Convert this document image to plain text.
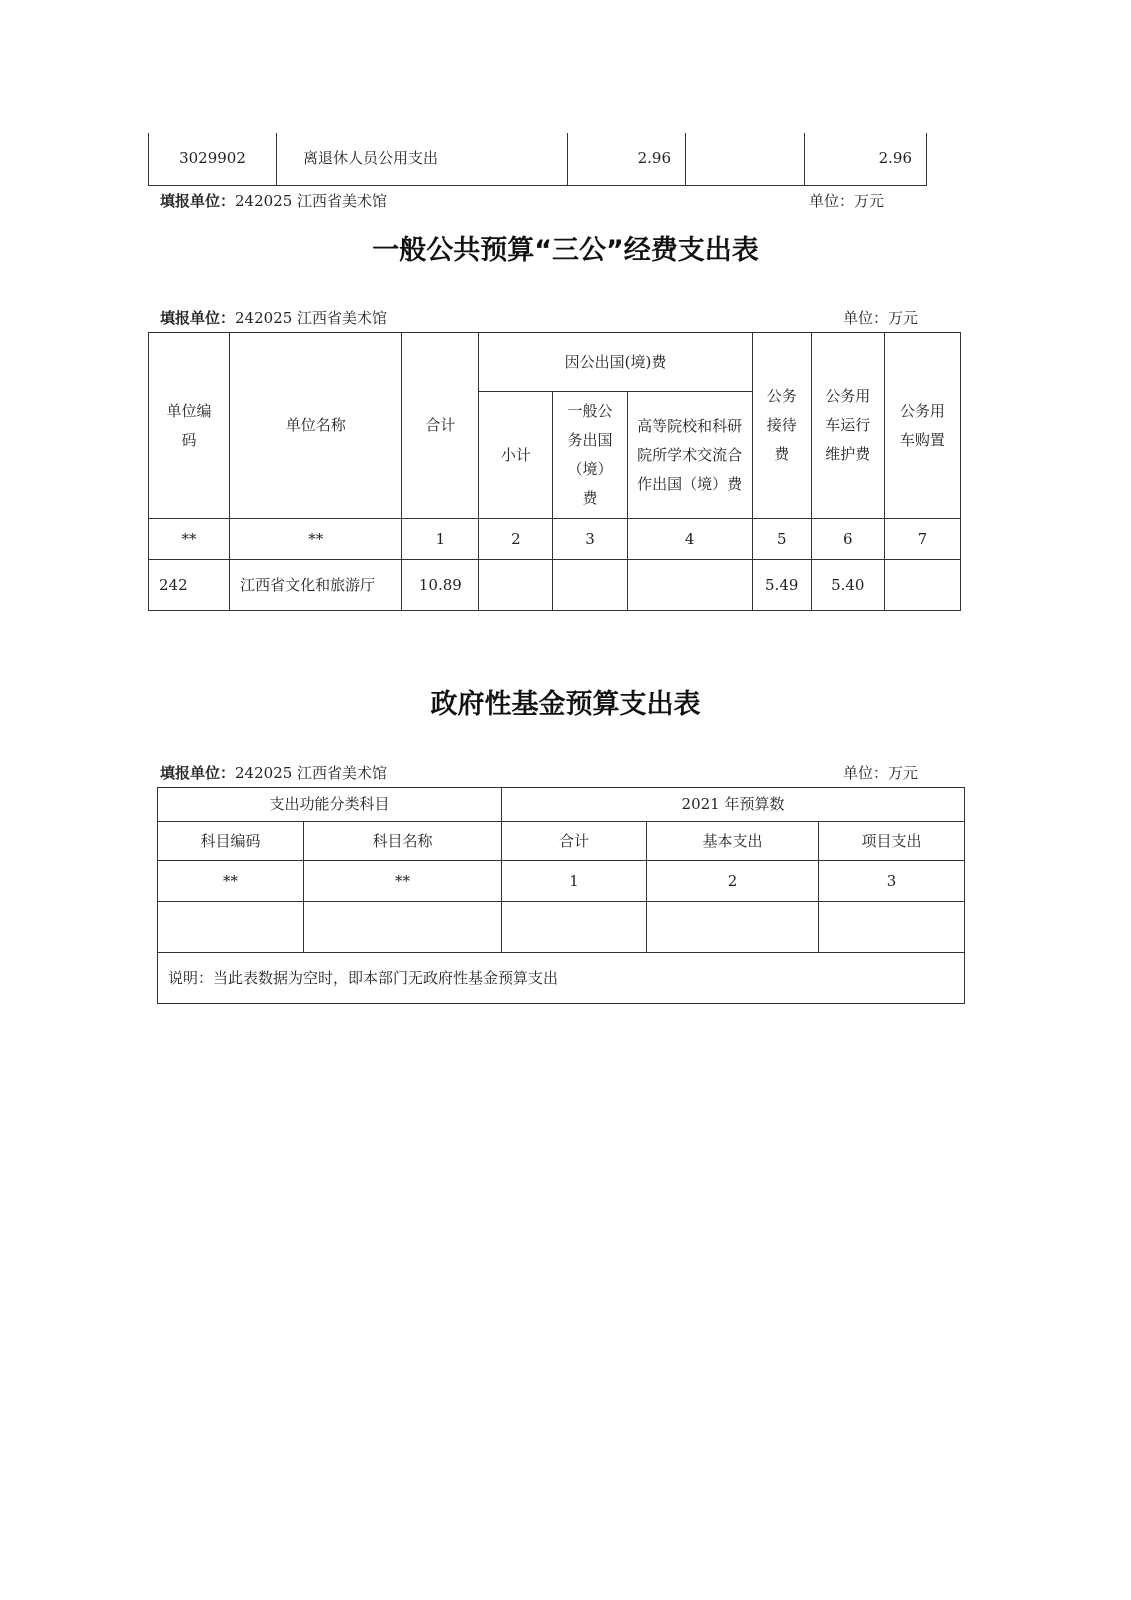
3029902	离退休人员公用支出	2.96		2.96
填报单位：242025 江西省美术馆	单位：万元
一般公共预算“三公”经费支出表
填报单位：242025 江西省美术馆	单位：万元
单位编码	单位名称	合计	因公出国(境)费			公务接待费	公务用车运行维护费	公务用车购置
			小计	一般公务出国（境）费	高等院校和科研院所学术交流合作出国（境）费			
**	**	1	2	3	4	5	6	7
242	江西省文化和旅游厅	10.89				5.49	5.40	
政府性基金预算支出表
填报单位：242025 江西省美术馆	单位：万元
支出功能分类科目		2021 年预算数		
科目编码	科目名称	合计	基本支出	项目支出
**	**	1	2	3

说明：当此表数据为空时，即本部门无政府性基金预算支出				
